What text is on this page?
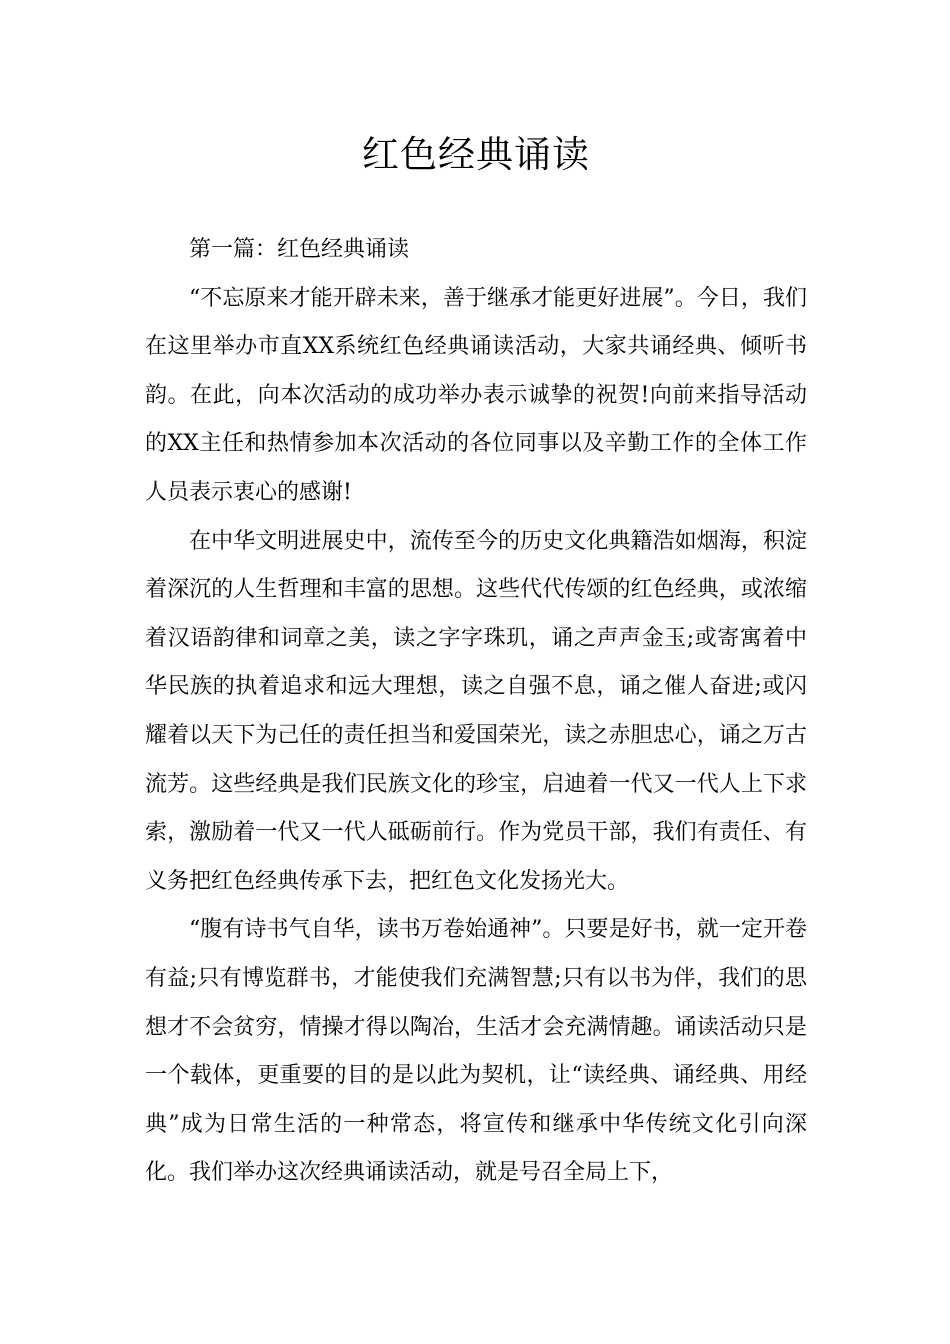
红色经典诵读

第一篇：红色经典诵读

“不忘原来才能开辟未来，善于继承才能更好进展”。今日，我们在这里举办市直XX系统红色经典诵读活动，大家共诵经典、倾听书韵。在此，向本次活动的成功举办表示诚挚的祝贺!向前来指导活动的XX主任和热情参加本次活动的各位同事以及辛勤工作的全体工作人员表示衷心的感谢!

在中华文明进展史中，流传至今的历史文化典籍浩如烟海，积淀着深沉的人生哲理和丰富的思想。这些代代传颂的红色经典，或浓缩着汉语韵律和词章之美，读之字字珠玑，诵之声声金玉;或寄寓着中华民族的执着追求和远大理想，读之自强不息，诵之催人奋进;或闪耀着以天下为己任的责任担当和爱国荣光，读之赤胆忠心，诵之万古流芳。这些经典是我们民族文化的珍宝，启迪着一代又一代人上下求索，激励着一代又一代人砥砺前行。作为党员干部，我们有责任、有义务把红色经典传承下去，把红色文化发扬光大。

“腹有诗书气自华，读书万卷始通神”。只要是好书，就一定开卷有益;只有博览群书，才能使我们充满智慧;只有以书为伴，我们的思想才不会贫穷，情操才得以陶冶，生活才会充满情趣。诵读活动只是一个载体，更重要的目的是以此为契机，让“读经典、诵经典、用经典”成为日常生活的一种常态，将宣传和继承中华传统文化引向深化。我们举办这次经典诵读活动，就是号召全局上下，
